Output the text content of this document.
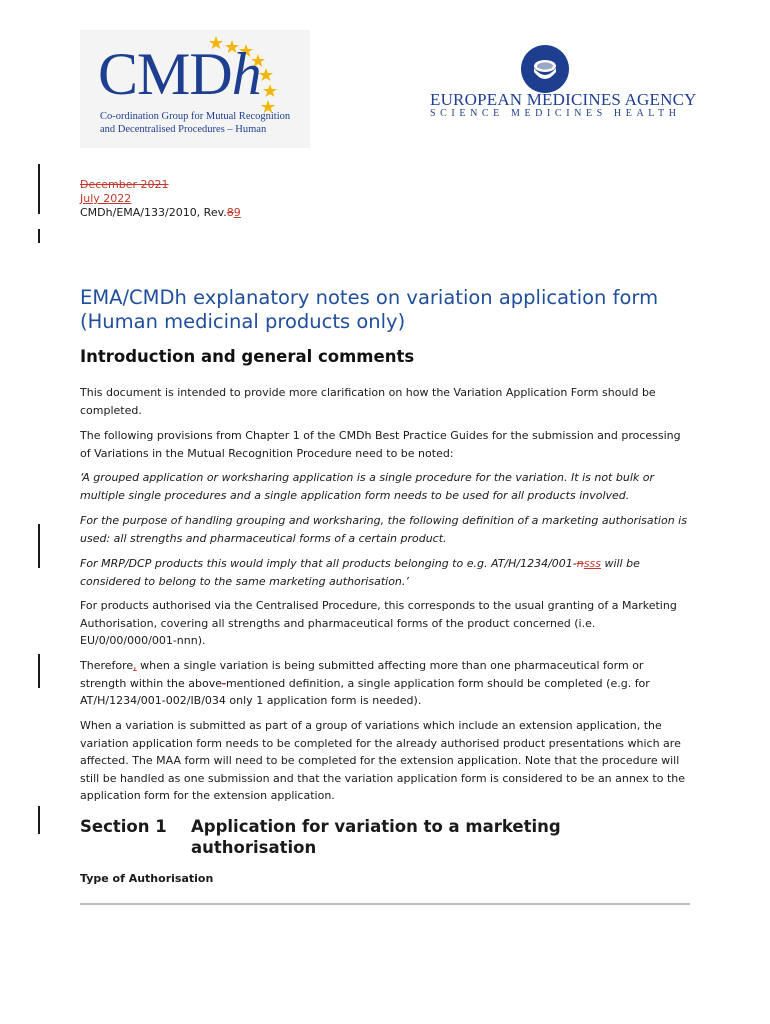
CMDh
Co-ordination Group for Mutual Recognition
and Decentralised Procedures – Human
EUROPEAN MEDICINES AGENCY
SCIENCE MEDICINES HEALTH
December 2021
July 2022
CMDh/EMA/133/2010, Rev.89
EMA/CMDh explanatory notes on variation application form (Human medicinal products only)
Introduction and general comments

This document is intended to provide more clarification on how the Variation Application Form should be completed.

The following provisions from Chapter 1 of the CMDh Best Practice Guides for the submission and processing of Variations in the Mutual Recognition Procedure need to be noted:

‘A grouped application or worksharing application is a single procedure for the variation. It is not bulk or multiple single procedures and a single application form needs to be used for all products involved.

For the purpose of handling grouping and worksharing, the following definition of a marketing authorisation is used: all strengths and pharmaceutical forms of a certain product.

For MRP/DCP products this would imply that all products belonging to e.g. AT/H/1234/001-nsss will be considered to belong to the same marketing authorisation.’

For products authorised via the Centralised Procedure, this corresponds to the usual granting of a Marketing Authorisation, covering all strengths and pharmaceutical forms of the product concerned (i.e. EU/0/00/000/001-nnn).

Therefore, when a single variation is being submitted affecting more than one pharmaceutical form or strength within the above-mentioned definition, a single application form should be completed (e.g. for AT/H/1234/001-002/IB/034 only 1 application form is needed).

When a variation is submitted as part of a group of variations which include an extension application, the variation application form needs to be completed for the already authorised product presentations which are affected. The MAA form will need to be completed for the extension application. Note that the procedure will still be handled as one submission and that the variation application form is considered to be an annex to the application form for the extension application.

Section 1 Application for variation to a marketing authorisation
Type of Authorisation
